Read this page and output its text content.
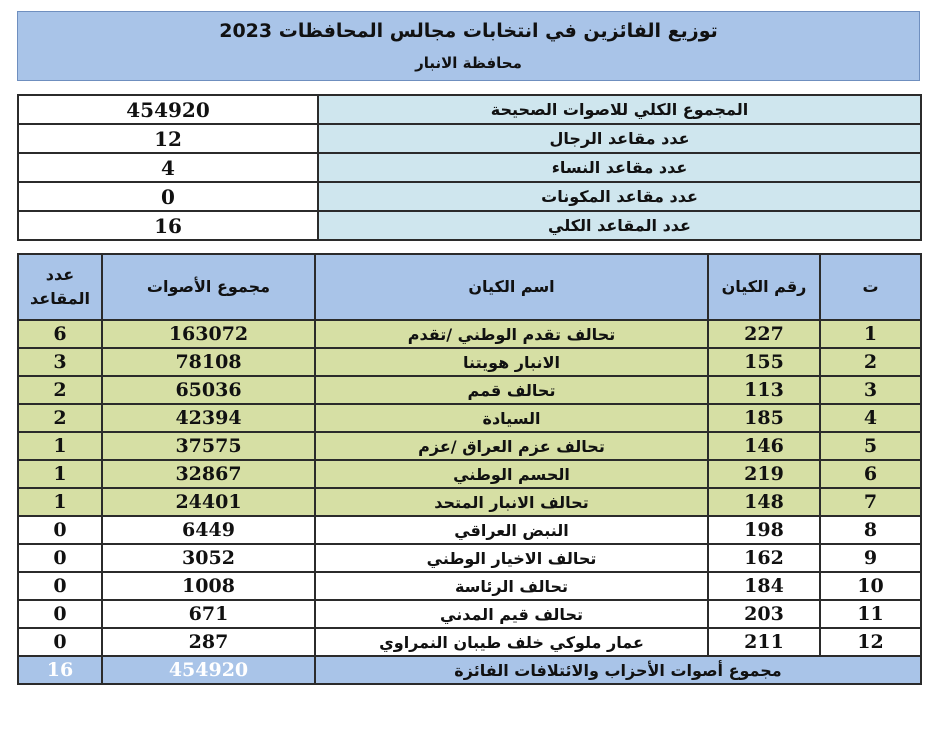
توزيع الفائزين في انتخابات مجالس المحافظات 2023
محافظة الانبار
454920	المجموع الكلي للاصوات الصحيحة
12	عدد مقاعد الرجال
4	عدد مقاعد النساء
0	عدد مقاعد المكونات
16	عدد المقاعد الكلي
عدد المقاعد	مجموع الأصوات	اسم الكيان	رقم الكيان	ت
6	163072	تحالف تقدم الوطني /تقدم	227	1
3	78108	الانبار هويتنا	155	2
2	65036	تحالف قمم	113	3
2	42394	السيادة	185	4
1	37575	تحالف عزم العراق /عزم	146	5
1	32867	الحسم الوطني	219	6
1	24401	تحالف الانبار المتحد	148	7
0	6449	النبض العراقي	198	8
0	3052	تحالف الاخيار الوطني	162	9
0	1008	تحالف الرئاسة	184	10
0	671	تحالف قيم المدني	203	11
0	287	عمار ملوكي خلف طيبان النمراوي	211	12
16	454920	مجموع أصوات الأحزاب والائتلافات الفائزة		
